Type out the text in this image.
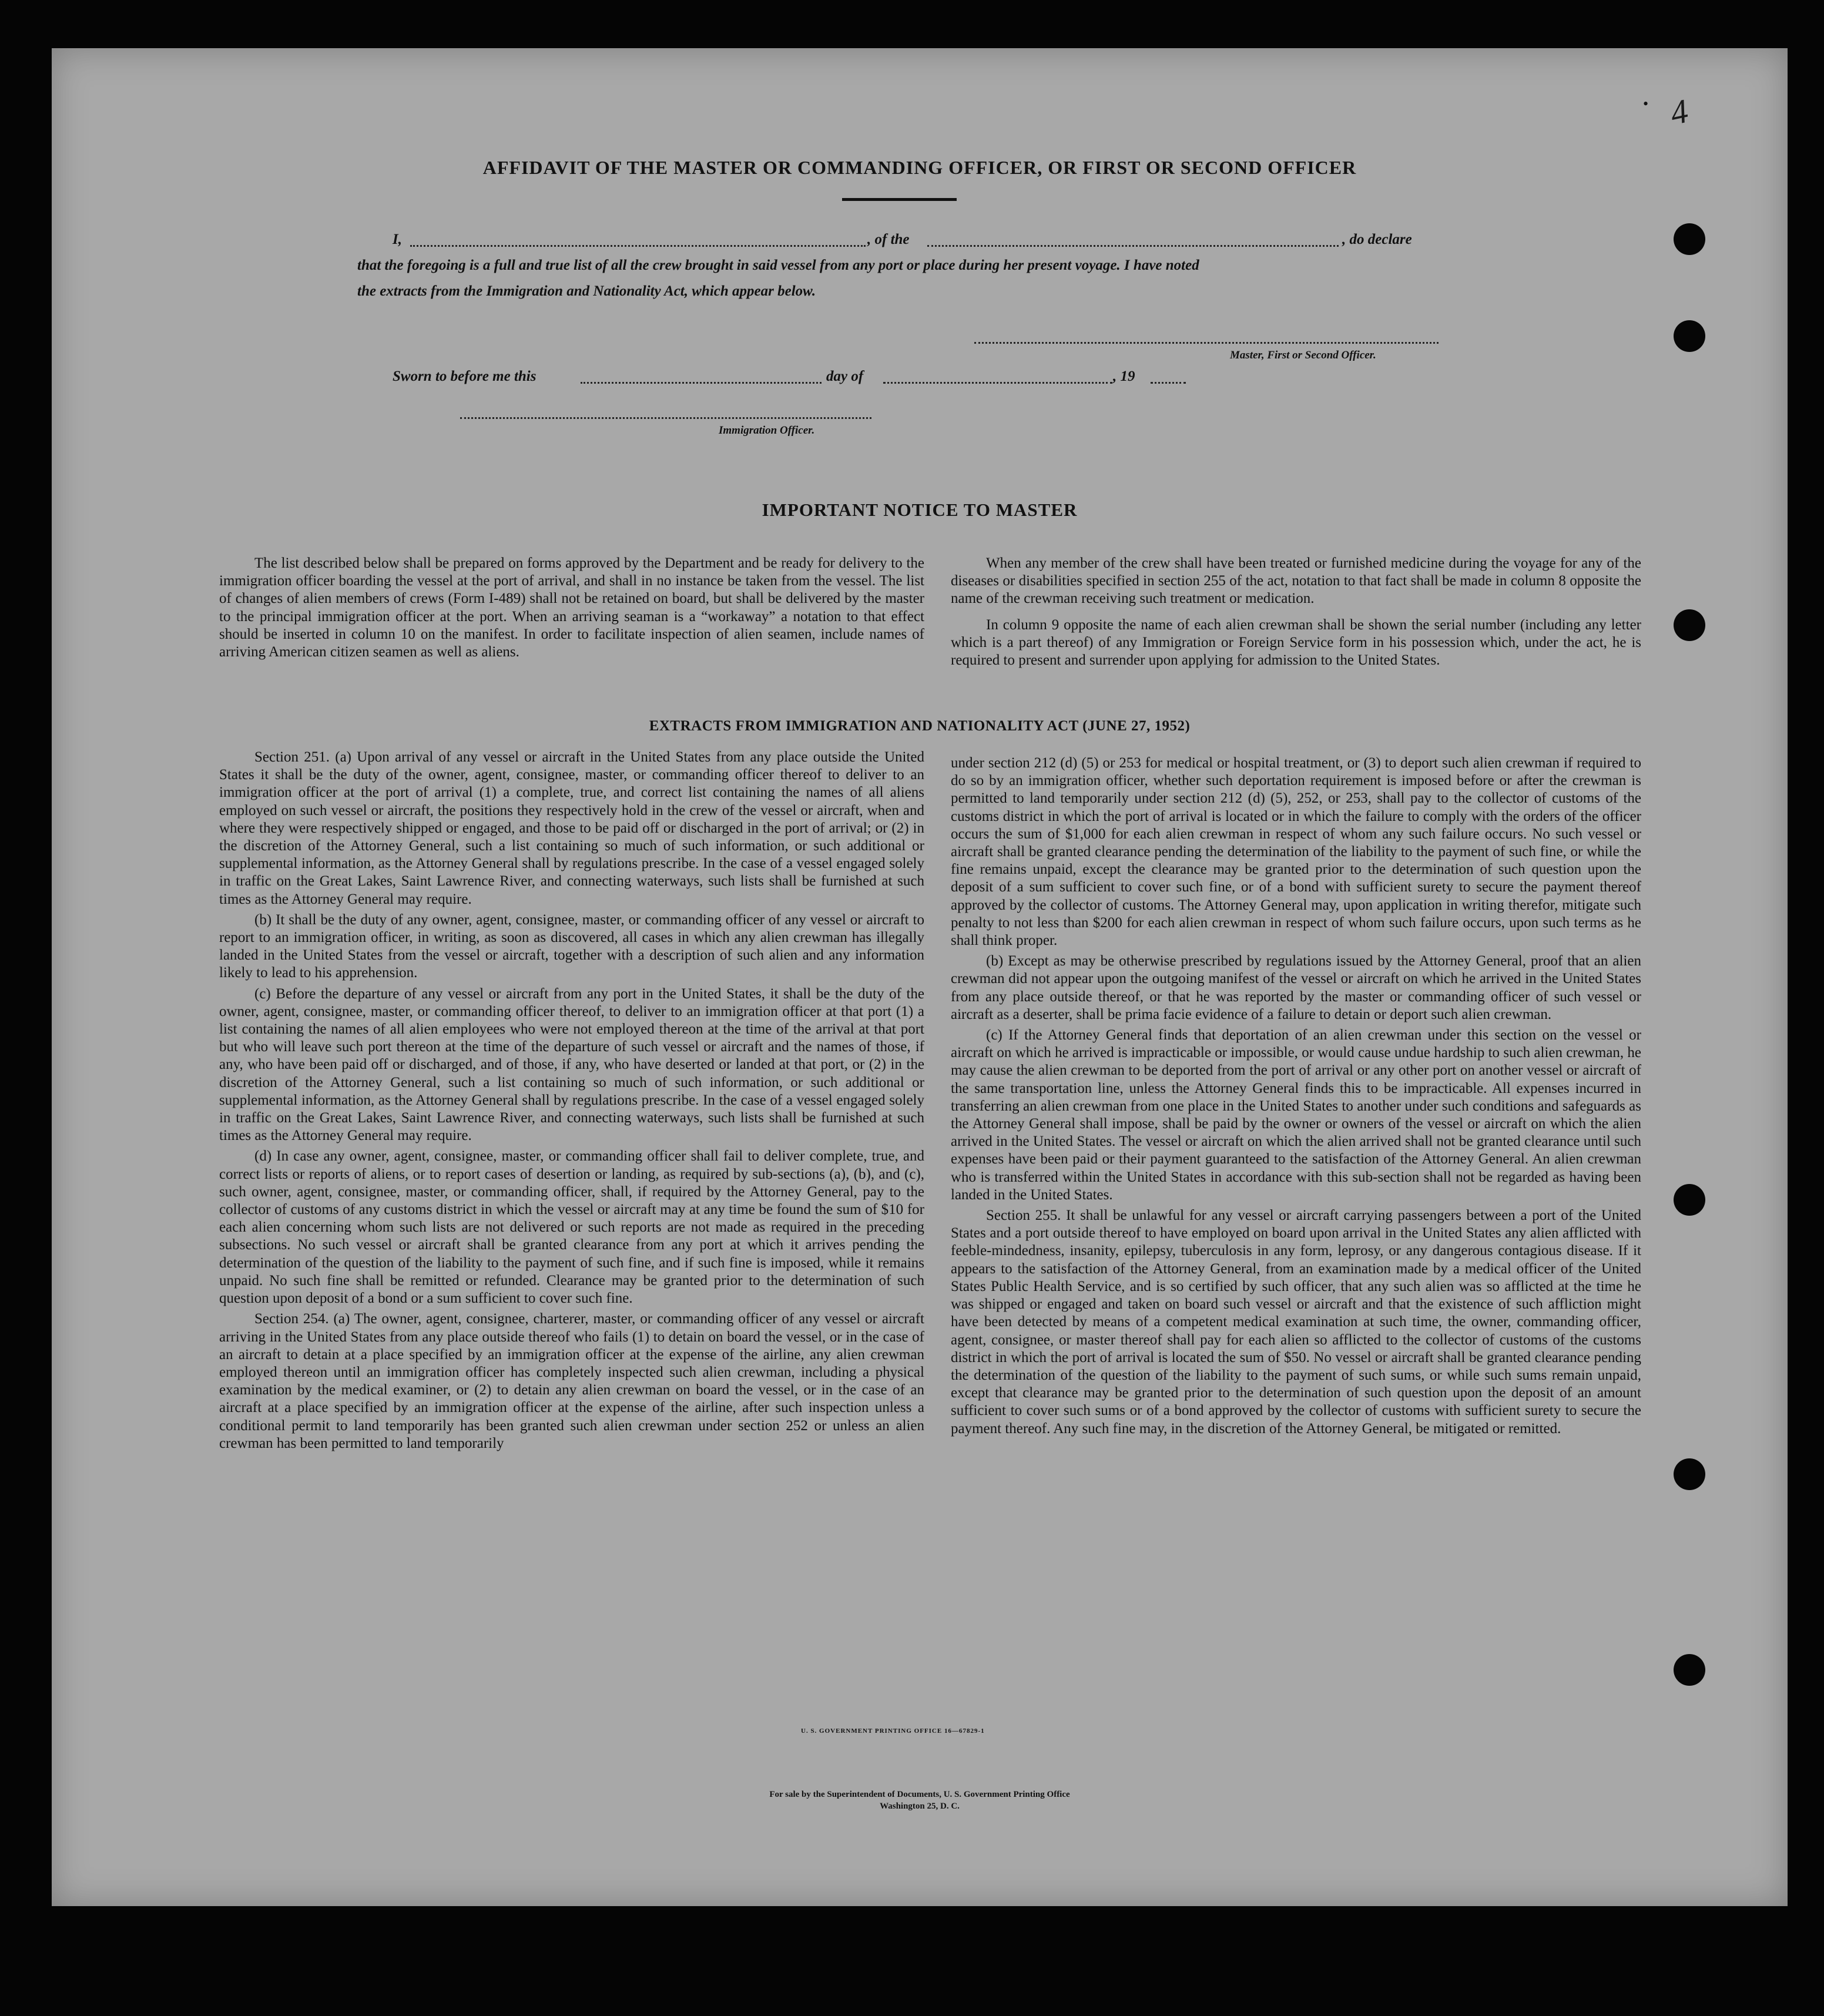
AFFIDAVIT OF THE MASTER OR COMMANDING OFFICER, OR FIRST OR SECOND OFFICER
I,	, of the	, do declare
that the foregoing is a full and true list of all the crew brought in said vessel from any port or place during her present voyage. I have noted
the extracts from the Immigration and Nationality Act, which appear below.
Master, First or Second Officer.
Sworn to before me this	day of	, 19
Immigration Officer.
IMPORTANT NOTICE TO MASTER

The list described below shall be prepared on forms approved by the Department and be ready for delivery to the immigration officer boarding the vessel at the port of arrival, and shall in no instance be taken from the vessel. The list of changes of alien members of crews (Form I-489) shall not be retained on board, but shall be delivered by the master to the principal immigration officer at the port. When an arriving seaman is a “workaway” a notation to that effect should be inserted in column 10 on the manifest. In order to facilitate inspection of alien seamen, include names of arriving American citizen seamen as well as aliens.

When any member of the crew shall have been treated or furnished medicine during the voyage for any of the diseases or disabilities specified in section 255 of the act, notation to that fact shall be made in column 8 opposite the name of the crewman receiving such treatment or medication.

In column 9 opposite the name of each alien crewman shall be shown the serial number (including any letter which is a part thereof) of any Immigration or Foreign Service form in his possession which, under the act, he is required to present and surrender upon applying for admission to the United States.

EXTRACTS FROM IMMIGRATION AND NATIONALITY ACT (JUNE 27, 1952)

Section 251. (a) Upon arrival of any vessel or aircraft in the United States from any place outside the United States it shall be the duty of the owner, agent, consignee, master, or commanding officer thereof to deliver to an immigration officer at the port of arrival (1) a complete, true, and correct list containing the names of all aliens employed on such vessel or aircraft, the positions they respectively hold in the crew of the vessel or aircraft, when and where they were respectively shipped or engaged, and those to be paid off or discharged in the port of arrival; or (2) in the discretion of the Attorney General, such a list containing so much of such information, or such additional or supplemental information, as the Attorney General shall by regulations prescribe. In the case of a vessel engaged solely in traffic on the Great Lakes, Saint Lawrence River, and connecting waterways, such lists shall be furnished at such times as the Attorney General may require.

(b) It shall be the duty of any owner, agent, consignee, master, or commanding officer of any vessel or aircraft to report to an immigration officer, in writing, as soon as discovered, all cases in which any alien crewman has illegally landed in the United States from the vessel or aircraft, together with a description of such alien and any information likely to lead to his apprehension.

(c) Before the departure of any vessel or aircraft from any port in the United States, it shall be the duty of the owner, agent, consignee, master, or commanding officer thereof, to deliver to an immigration officer at that port (1) a list containing the names of all alien employees who were not employed thereon at the time of the arrival at that port but who will leave such port thereon at the time of the departure of such vessel or aircraft and the names of those, if any, who have been paid off or discharged, and of those, if any, who have deserted or landed at that port, or (2) in the discretion of the Attorney General, such a list containing so much of such information, or such additional or supplemental information, as the Attorney General shall by regulations prescribe. In the case of a vessel engaged solely in traffic on the Great Lakes, Saint Lawrence River, and connecting waterways, such lists shall be furnished at such times as the Attorney General may require.

(d) In case any owner, agent, consignee, master, or commanding officer shall fail to deliver complete, true, and correct lists or reports of aliens, or to report cases of desertion or landing, as required by sub-sections (a), (b), and (c), such owner, agent, consignee, master, or commanding officer, shall, if required by the Attorney General, pay to the collector of customs of any customs district in which the vessel or aircraft may at any time be found the sum of $10 for each alien concerning whom such lists are not delivered or such reports are not made as required in the preceding subsections. No such vessel or aircraft shall be granted clearance from any port at which it arrives pending the determination of the question of the liability to the payment of such fine, and if such fine is imposed, while it remains unpaid. No such fine shall be remitted or refunded. Clearance may be granted prior to the determination of such question upon deposit of a bond or a sum sufficient to cover such fine.

Section 254. (a) The owner, agent, consignee, charterer, master, or commanding officer of any vessel or aircraft arriving in the United States from any place outside thereof who fails (1) to detain on board the vessel, or in the case of an aircraft to detain at a place specified by an immigration officer at the expense of the airline, any alien crewman employed thereon until an immigration officer has completely inspected such alien crewman, including a physical examination by the medical examiner, or (2) to detain any alien crewman on board the vessel, or in the case of an aircraft at a place specified by an immigration officer at the expense of the airline, after such inspection unless a conditional permit to land temporarily has been granted such alien crewman under section 252 or unless an alien crewman has been permitted to land temporarily

under section 212 (d) (5) or 253 for medical or hospital treatment, or (3) to deport such alien crewman if required to do so by an immigration officer, whether such deportation requirement is imposed before or after the crewman is permitted to land temporarily under section 212 (d) (5), 252, or 253, shall pay to the collector of customs of the customs district in which the port of arrival is located or in which the failure to comply with the orders of the officer occurs the sum of $1,000 for each alien crewman in respect of whom any such failure occurs. No such vessel or aircraft shall be granted clearance pending the determination of the liability to the payment of such fine, or while the fine remains unpaid, except the clearance may be granted prior to the determination of such question upon the deposit of a sum sufficient to cover such fine, or of a bond with sufficient surety to secure the payment thereof approved by the collector of customs. The Attorney General may, upon application in writing therefor, mitigate such penalty to not less than $200 for each alien crewman in respect of whom such failure occurs, upon such terms as he shall think proper.

(b) Except as may be otherwise prescribed by regulations issued by the Attorney General, proof that an alien crewman did not appear upon the outgoing manifest of the vessel or aircraft on which he arrived in the United States from any place outside thereof, or that he was reported by the master or commanding officer of such vessel or aircraft as a deserter, shall be prima facie evidence of a failure to detain or deport such alien crewman.

(c) If the Attorney General finds that deportation of an alien crewman under this section on the vessel or aircraft on which he arrived is impracticable or impossible, or would cause undue hardship to such alien crewman, he may cause the alien crewman to be deported from the port of arrival or any other port on another vessel or aircraft of the same transportation line, unless the Attorney General finds this to be impracticable. All expenses incurred in transferring an alien crewman from one place in the United States to another under such conditions and safeguards as the Attorney General shall impose, shall be paid by the owner or owners of the vessel or aircraft on which the alien arrived in the United States. The vessel or aircraft on which the alien arrived shall not be granted clearance until such expenses have been paid or their payment guaranteed to the satisfaction of the Attorney General. An alien crewman who is transferred within the United States in accordance with this sub-section shall not be regarded as having been landed in the United States.

Section 255. It shall be unlawful for any vessel or aircraft carrying passengers between a port of the United States and a port outside thereof to have employed on board upon arrival in the United States any alien afflicted with feeble-mindedness, insanity, epilepsy, tuberculosis in any form, leprosy, or any dangerous contagious disease. If it appears to the satisfaction of the Attorney General, from an examination made by a medical officer of the United States Public Health Service, and is so certified by such officer, that any such alien was so afflicted at the time he was shipped or engaged and taken on board such vessel or aircraft and that the existence of such affliction might have been detected by means of a competent medical examination at such time, the owner, commanding officer, agent, consignee, or master thereof shall pay for each alien so afflicted to the collector of customs of the customs district in which the port of arrival is located the sum of $50. No vessel or aircraft shall be granted clearance pending the determination of the question of the liability to the payment of such sums, or while such sums remain unpaid, except that clearance may be granted prior to the determination of such question upon the deposit of an amount sufficient to cover such sums or of a bond approved by the collector of customs with sufficient surety to secure the payment thereof. Any such fine may, in the discretion of the Attorney General, be mitigated or remitted.

U. S. GOVERNMENT PRINTING OFFICE 16—67829-1
For sale by the Superintendent of Documents, U. S. Government Printing Office
Washington 25, D. C.
4
•
